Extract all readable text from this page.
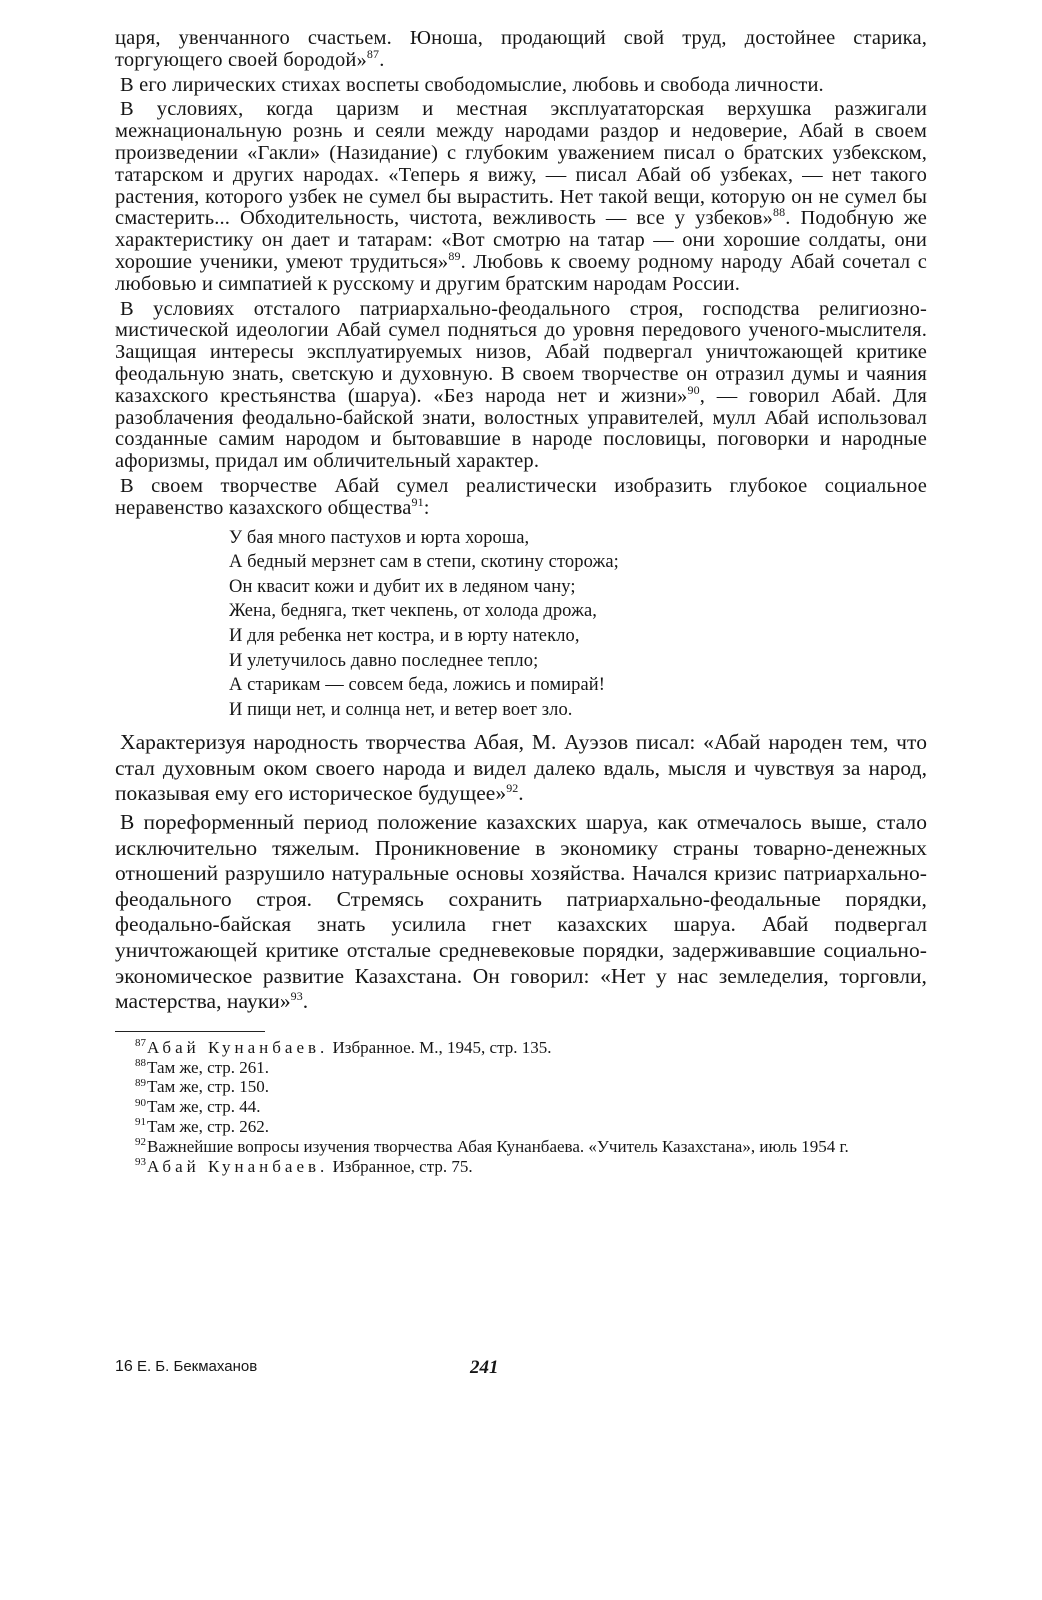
царя, увенчанного счастьем. Юноша, продающий свой труд, достойнее старика, торгующего своей бородой»$^{87}$.

В его лирических стихах воспеты свободомыслие, любовь и свобода личности.

В условиях, когда царизм и местная эксплуататорская верхушка разжигали межнациональную рознь и сеяли между народами раздор и недоверие, Абай в своем произведении «Гакли» (Назидание) с глубоким уважением писал о братских узбекском, татарском и других народах. «Теперь я вижу, — писал Абай об узбеках, — нет такого растения, которого узбек не сумел бы вырастить. Нет такой вещи, которую он не сумел бы смастерить... Обходительность, чистота, вежливость — все у узбеков»$^{88}$. Подобную же характеристику он дает и татарам: «Вот смотрю на татар — они хорошие солдаты, они хорошие ученики, умеют трудиться»$^{89}$. Любовь к своему родному народу Абай сочетал с любовью и симпатией к русскому и другим братским народам России.

В условиях отсталого патриархально-феодального строя, господства религиозно-мистической идеологии Абай сумел подняться до уровня передового ученого-мыслителя. Защищая интересы эксплуатируемых низов, Абай подвергал уничтожающей критике феодальную знать, светскую и духовную. В своем творчестве он отразил думы и чаяния казахского крестьянства (шаруа). «Без народа нет и жизни»$^{90}$, — говорил Абай. Для разоблачения феодально-байской знати, волостных управителей, мулл Абай использовал созданные самим народом и бытовавшие в народе пословицы, поговорки и народные афоризмы, придал им обличительный характер.

В своем творчестве Абай сумел реалистически изобразить глубокое социальное неравенство казахского общества$^{91}$:

У бая много пастухов и юрта хороша,
А бедный мерзнет сам в степи, скотину сторожа;
Он квасит кожи и дубит их в ледяном чану;
Жена, бедняга, ткет чекпень, от холода дрожа,
И для ребенка нет костра, и в юрту натекло,
И улетучилось давно последнее тепло;
А старикам — совсем беда, ложись и помирай!
И пищи нет, и солнца нет, и ветер воет зло.

Характеризуя народность творчества Абая, М. Ауэзов писал: «Абай народен тем, что стал духовным оком своего народа и видел далеко вдаль, мысля и чувствуя за народ, показывая ему его историческое будущее»$^{92}$.

В пореформенный период положение казахских шаруа, как отмечалось выше, стало исключительно тяжелым. Проникновение в экономику страны товарно-денежных отношений разрушило натуральные основы хозяйства. Начался кризис патриархально-феодального строя. Стремясь сохранить патриархально-феодальные порядки, феодально-байская знать усилила гнет казахских шаруа. Абай подвергал уничтожающей критике отсталые средневековые порядки, задерживавшие социально-экономическое развитие Казахстана. Он говорил: «Нет у нас земледелия, торговли, мастерства, науки»$^{93}$.

$^{87}$Абай Кунанбаев. Избранное. М., 1945, стр. 135.
$^{88}$Там же, стр. 261.
$^{89}$Там же, стр. 150.
$^{90}$Там же, стр. 44.
$^{91}$Там же, стр. 262.
$^{92}$Важнейшие вопросы изучения творчества Абая Кунанбаева. «Учитель Казахстана», июль 1954 г.
$^{93}$Абай Кунанбаев. Избранное, стр. 75.
16 Е. Б. Бекмаханов	241
